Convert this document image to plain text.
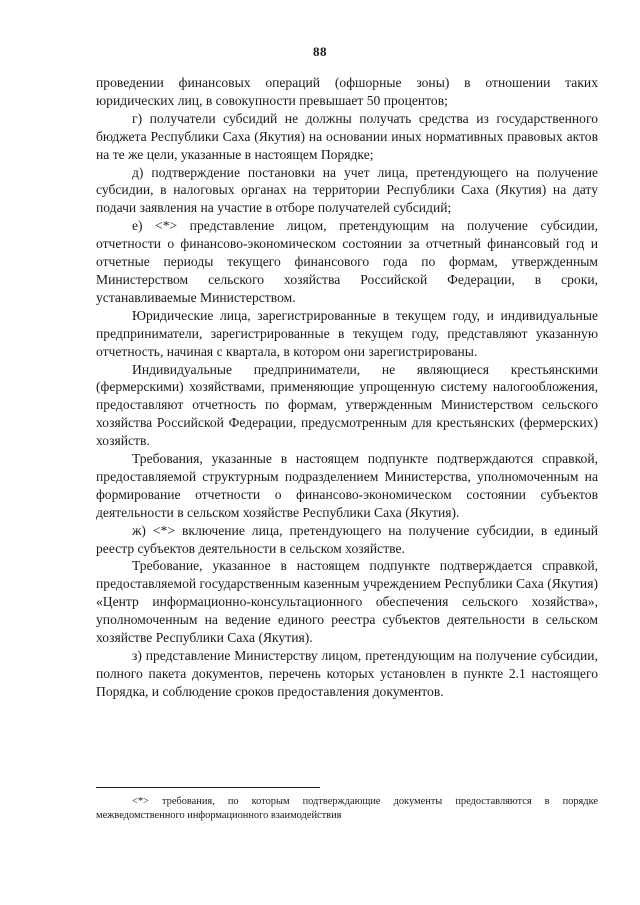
88

проведении финансовых операций (офшорные зоны) в отношении таких юридических лиц, в совокупности превышает 50 процентов;

г) получатели субсидий не должны получать средства из государственного бюджета Республики Саха (Якутия) на основании иных нормативных правовых актов на те же цели, указанные в настоящем Порядке;

д) подтверждение постановки на учет лица, претендующего на получение субсидии, в налоговых органах на территории Республики Саха (Якутия) на дату подачи заявления на участие в отборе получателей субсидий;

е) <*> представление лицом, претендующим на получение субсидии, отчетности о финансово-экономическом состоянии за отчетный финансовый год и отчетные периоды текущего финансового года по формам, утвержденным Министерством сельского хозяйства Российской Федерации, в сроки, устанавливаемые Министерством.

Юридические лица, зарегистрированные в текущем году, и индивидуальные предприниматели, зарегистрированные в текущем году, представляют указанную отчетность, начиная с квартала, в котором они зарегистрированы.

Индивидуальные предприниматели, не являющиеся крестьянскими (фермерскими) хозяйствами, применяющие упрощенную систему налогообложения, предоставляют отчетность по формам, утвержденным Министерством сельского хозяйства Российской Федерации, предусмотренным для крестьянских (фермерских) хозяйств.

Требования, указанные в настоящем подпункте подтверждаются справкой, предоставляемой структурным подразделением Министерства, уполномоченным на формирование отчетности о финансово-экономическом состоянии субъектов деятельности в сельском хозяйстве Республики Саха (Якутия).

ж) <*> включение лица, претендующего на получение субсидии, в единый реестр субъектов деятельности в сельском хозяйстве.

Требование, указанное в настоящем подпункте подтверждается справкой, предоставляемой государственным казенным учреждением Республики Саха (Якутия) «Центр информационно-консультационного обеспечения сельского хозяйства», уполномоченным на ведение единого реестра субъектов деятельности в сельском хозяйстве Республики Саха (Якутия).

з) представление Министерству лицом, претендующим на получение субсидии, полного пакета документов, перечень которых установлен в пункте 2.1 настоящего Порядка, и соблюдение сроков предоставления документов.

<*> требования, по которым подтверждающие документы предоставляются в порядке межведомственного информационного взаимодействия
